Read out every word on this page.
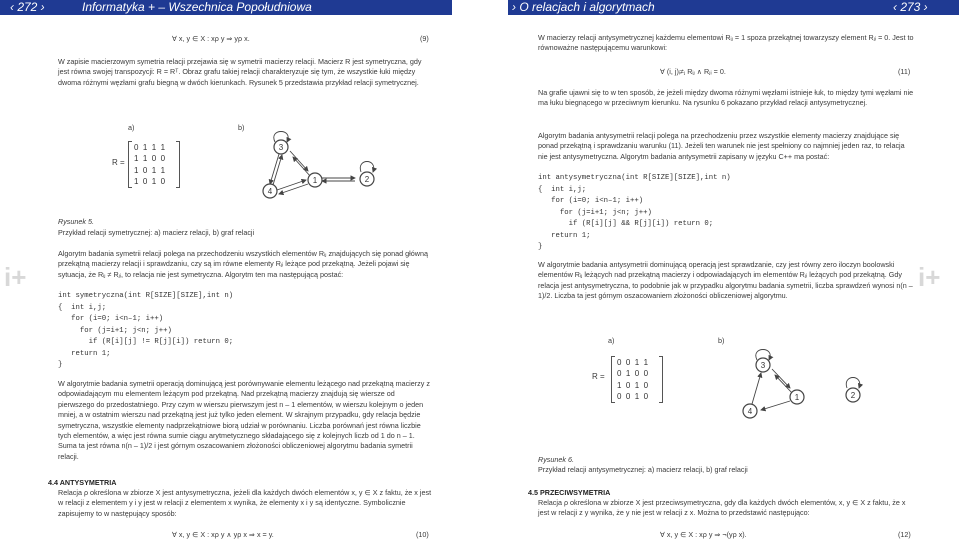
‹ 272 ›	Informatyka + – Wszechnica Popołudniowa	› O relacjach i algorytmach	‹ 273 ›
i+	i+
∀ x, y ∈ X : xρ y ⇒ yρ x.	(9)

W zapisie macierzowym symetria relacji przejawia się w symetrii macierzy relacji. Macierz R jest symetryczna, gdy jest równa swojej transpozycji: R = Rᵀ. Obraz grafu takiej relacji charakteryzuje się tym, że wszystkie łuki między dwoma różnymi węzłami grafu biegną w dwóch kierunkach. Rysunek 5 przedstawia przykład relacji symetrycznej.

a)	b)
R =
0  1  1  1
1  1  0  0
1  0  1  1
1  0  1  0
3
4
1	2
Rysunek 5.
Przykład relacji symetrycznej: a) macierz relacji, b) graf relacji

Algorytm badania symetrii relacji polega na przechodzeniu wszystkich elementów Rᵢⱼ znajdujących się ponad główną przekątną macierzy relacji i sprawdzaniu, czy są im równe elementy Rⱼᵢ leżące pod przekątną. Jeżeli pojawi się sytuacja, że Rᵢⱼ ≠ Rⱼᵢ, to relacja nie jest symetryczna. Algorytm ten ma następującą postać:

int symetryczna(int R[SIZE][SIZE],int n)
{  int i,j;
for (i=0; i<n–1; i++)
for (j=i+1; j<n; j++)
if (R[i][j] != R[j][i]) return 0;
return 1;
}

W algorytmie badania symetrii operacją dominującą jest porównywanie elementu leżącego nad przekątną macierzy z odpowiadającym mu elementem leżącym pod przekątną. Nad przekątną macierzy znajdują się wiersze od pierwszego do przedostatniego. Przy czym w wierszu pierwszym jest n – 1 elementów, w wierszu kolejnym o jeden mniej, a w ostatnim wierszu nad przekątną jest już tylko jeden element. W skrajnym przypadku, gdy relacja będzie symetryczna, wszystkie elementy nadprzekątniowe biorą udział w porównaniu. Liczba porównań jest równa liczbie tych elementów, a więc jest równa sumie ciągu arytmetycznego składającego się z kolejnych liczb od 1 do n – 1. Suma ta jest równa n(n – 1)/2 i jest górnym oszacowaniem złożoności obliczeniowej algorytmu badania symetrii relacji.

4.4 ANTYSYMETRIA

Relacja ρ określona w zbiorze X jest antysymetryczna, jeżeli dla każdych dwóch elementów x, y ∈ X z faktu, że x jest w relacji z elementem y i y jest w relacji z elementem x wynika, że elementy x i y są identyczne. Symbolicznie zapisujemy to w następujący sposób:

∀ x, y ∈ X : xρ y ∧ yρ x ⇒ x = y.	(10)

W macierzy relacji antysymetrycznej każdemu elementowi Rᵢⱼ = 1 spoza przekątnej towarzyszy element Rⱼᵢ = 0. Jest to równoważne następującemu warunkowi:

∀ (i, j)ᵢ≠ⱼ Rᵢⱼ ∧ Rⱼᵢ = 0.	(11)

Na grafie ujawni się to w ten sposób, że jeżeli między dwoma różnymi węzłami istnieje łuk, to między tymi węzłami nie ma łuku biegnącego w przeciwnym kierunku. Na rysunku 6 pokazano przykład relacji antysymetrycznej.

Algorytm badania antysymetrii relacji polega na przechodzeniu przez wszystkie elementy macierzy znajdujące się ponad przekątną i sprawdzaniu warunku (11). Jeżeli ten warunek nie jest spełniony co najmniej jeden raz, to relacja nie jest antysymetryczna. Algorytm badania antysymetrii zapisany w języku C++ ma postać:

int antysymetryczna(int R[SIZE][SIZE],int n)
{  int i,j;
for (i=0; i<n–1; i++)
for (j=i+1; j<n; j++)
if (R[i][j] && R[j][i]) return 0;
return 1;
}

W algorytmie badania antysymetrii dominującą operacją jest sprawdzanie, czy jest równy zero iloczyn boolowski elementów Rᵢⱼ leżących nad przekątną macierzy i odpowiadających im elementów Rⱼᵢ leżących pod przekątną. Gdy relacja jest antysymetryczna, to podobnie jak w przypadku algorytmu badania symetrii, liczba sprawdzeń wynosi n(n – 1)/2. Liczba ta jest górnym oszacowaniem złożoności obliczeniowej algorytmu.

a)	b)
R =
0  0  1  1
0  1  0  0
1  0  1  0
0  0  1  0
3
4
1	2
Rysunek 6.
Przykład relacji antysymetrycznej: a) macierz relacji, b) graf relacji
4.5 PRZECIWSYMETRIA

Relacja ρ określona w zbiorze X jest przeciwsymetryczna, gdy dla każdych dwóch elementów, x, y ∈ X z faktu, że x jest w relacji z y wynika, że y nie jest w relacji z x. Można to przedstawić następująco:

∀ x, y ∈ X : xρ y ⇒ ¬(yρ x).	(12)
